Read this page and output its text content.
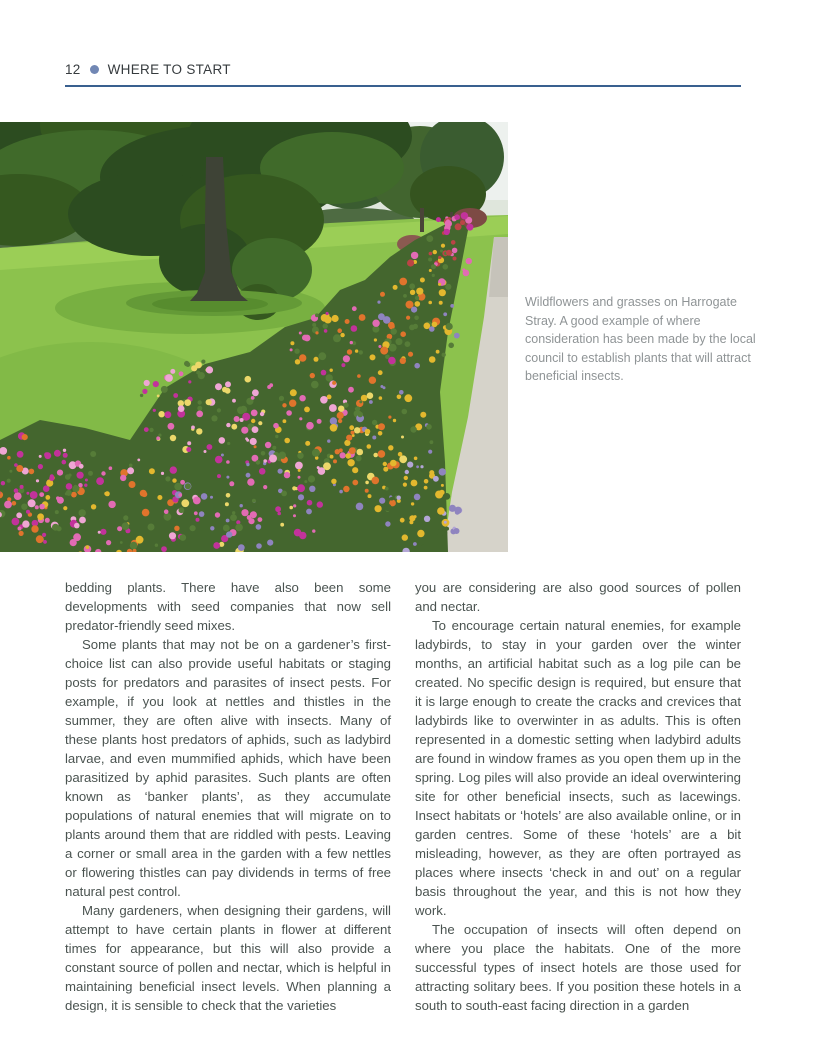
12 WHERE TO START
Wildflowers and grasses on Harrogate Stray. A good example of where consideration has been made by the local council to establish plants that will attract beneficial insects.

bedding plants. There have also been some developments with seed companies that now sell predator-friendly seed mixes.

Some plants that may not be on a gardener’s first-choice list can also provide useful habitats or staging posts for predators and parasites of insect pests. For example, if you look at nettles and thistles in the summer, they are often alive with insects. Many of these plants host predators of aphids, such as ladybird larvae, and even mummified aphids, which have been parasitized by aphid parasites. Such plants are often known as ‘banker plants’, as they accumulate populations of natural enemies that will migrate on to plants around them that are riddled with pests. Leaving a corner or small area in the garden with a few nettles or flowering thistles can pay dividends in terms of free natural pest control.

Many gardeners, when designing their gardens, will attempt to have certain plants in flower at different times for appearance, but this will also provide a constant source of pollen and nectar, which is helpful in maintaining beneficial insect levels. When planning a design, it is sensible to check that the varieties

you are considering are also good sources of pollen and nectar.

To encourage certain natural enemies, for example ladybirds, to stay in your garden over the winter months, an artificial habitat such as a log pile can be created. No specific design is required, but ensure that it is large enough to create the cracks and crevices that ladybirds like to overwinter in as adults. This is often represented in a domestic setting when ladybird adults are found in window frames as you open them up in the spring. Log piles will also provide an ideal overwintering site for other beneficial insects, such as lacewings. Insect habitats or ‘hotels’ are also available online, or in garden centres. Some of these ‘hotels’ are a bit misleading, however, as they are often portrayed as places where insects ‘check in and out’ on a regular basis throughout the year, and this is not how they work.

The occupation of insects will often depend on where you place the habitats. One of the more successful types of insect hotels are those used for attracting solitary bees. If you position these hotels in a south to south-east facing direction in a garden
